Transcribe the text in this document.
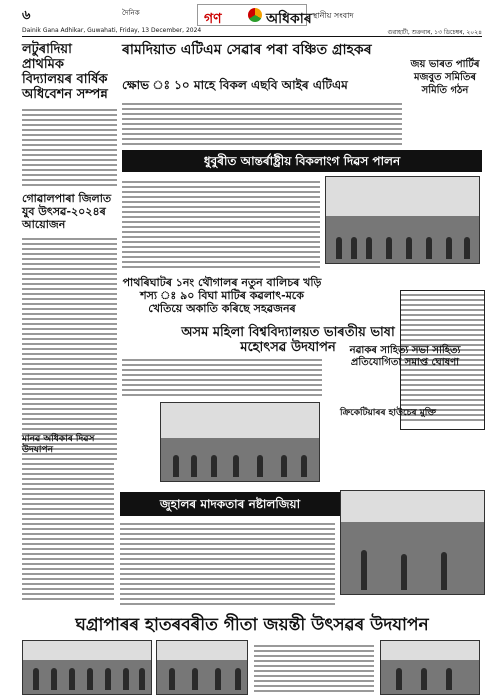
৬	দৈনিক	গণ	অধিকাৰ স্থানীয় সংবাদ
Dainik Gana Adhikar, Guwahati, Friday, 13 December, 2024	গুৱাহাটী, শুক্ৰবাৰ, ১৩ ডিচেম্বৰ, ২০২৪
লটুৰাদিয়া প্ৰাথমিক বিদ্যালয়ৰ বাৰ্ষিক অধিবেশন সম্পন্ন
গোৱালপাৰা জিলাত যুব উৎসৱ-২০২৪ৰ আয়োজন
ৰামদিয়াত এটিএম সেৱাৰ পৰা বঞ্চিত গ্ৰাহকৰ
ক্ষোভ ঃ ১০ মাহে বিকল এছবি আইৰ এটিএম
জয় ভাৰত পাৰ্টিৰ মজবুত সমিতিৰ সমিতি গঠন
ধুবুৰীত আন্তৰ্ৰাষ্ট্ৰীয় বিকলাংগ দিৱস পালন
পাথৰিঘাটৰ ১নং থৌগালৰ নতুন বালিচৰ খড়ি শস্য ঃ ৯০ বিঘা মাটিৰ কৱলাৎ-মকে খেতিয়ে অকাতি কৰিছে সহৱজনৰ
অসম মহিলা বিশ্ববিদ্যালয়ত ভাৰতীয় ভাষা মহোৎসৱ উদযাপন	নৱাকৰ সাহিত্য সভা সাহিত্য প্ৰতিযোগিতা সমাপ্ত ঘোষণা
ক্ৰিকেটিয়াৰৰ হাউচেৰ মুক্তি
মানৱ অধিকাৰ দিৱস উদযাপন
জুহালৰ মাদকতাৰ নষ্টালজিয়া
ঘগ্ৰাপাৰৰ হাতৰবৰীত গীতা জয়ন্তী উৎসৱৰ উদযাপন
